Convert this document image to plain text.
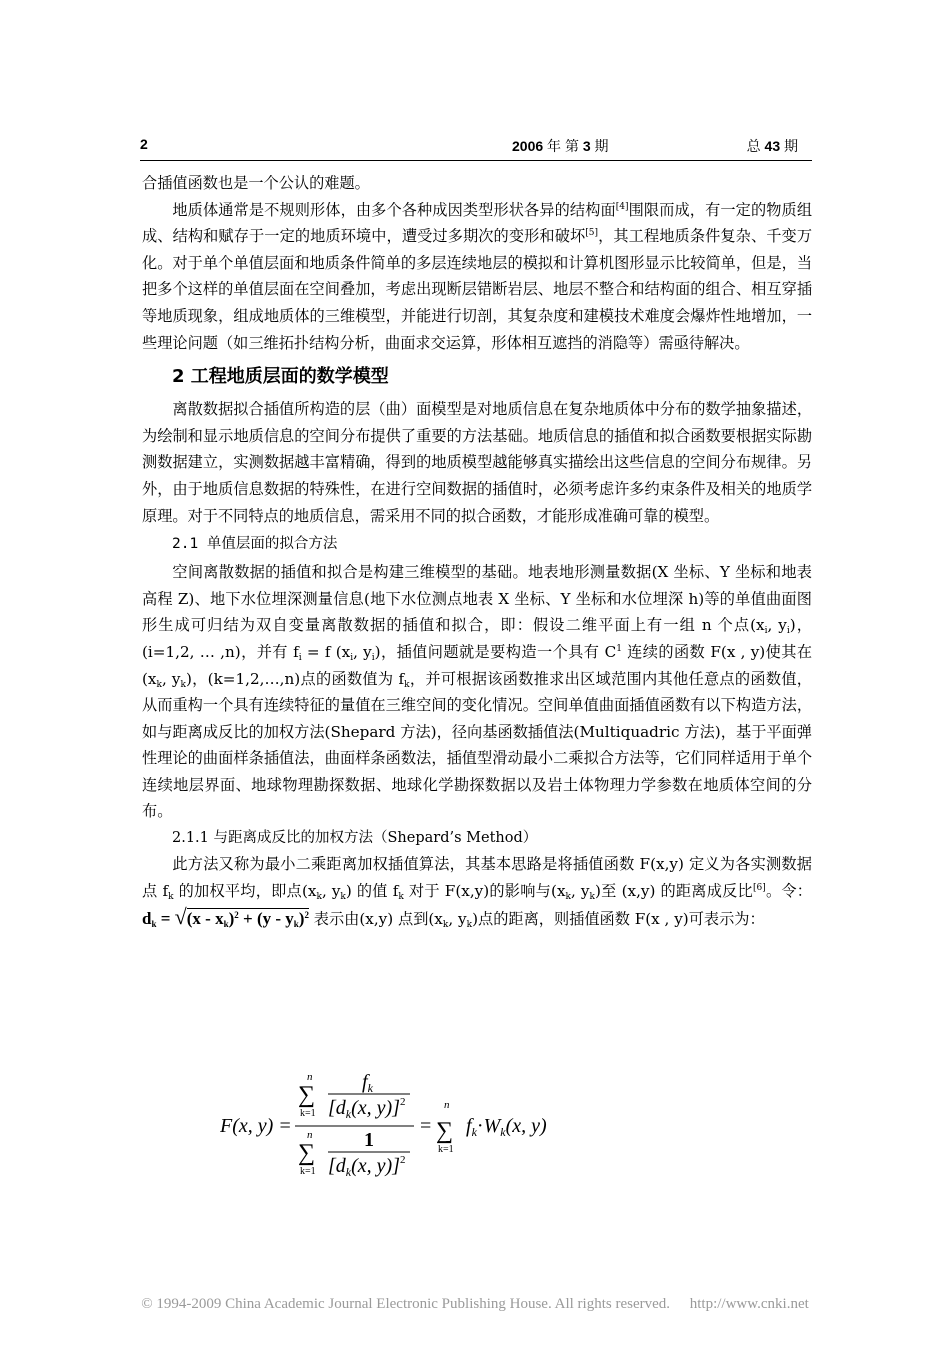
2	2006 年 第 3 期	总 43 期

合插值函数也是一个公认的难题。

地质体通常是不规则形体，由多个各种成因类型形状各异的结构面[4]围限而成，有一定的物质组成、结构和赋存于一定的地质环境中，遭受过多期次的变形和破坏[5]，其工程地质条件复杂、千变万化。对于单个单值层面和地质条件简单的多层连续地层的模拟和计算机图形显示比较简单，但是，当把多个这样的单值层面在空间叠加，考虑出现断层错断岩层、地层不整合和结构面的组合、相互穿插等地质现象，组成地质体的三维模型，并能进行切剖，其复杂度和建模技术难度会爆炸性地增加，一些理论问题（如三维拓扑结构分析，曲面求交运算，形体相互遮挡的消隐等）需亟待解决。

2 工程地质层面的数学模型

离散数据拟合插值所构造的层（曲）面模型是对地质信息在复杂地质体中分布的数学抽象描述，为绘制和显示地质信息的空间分布提供了重要的方法基础。地质信息的插值和拟合函数要根据实际勘测数据建立，实测数据越丰富精确，得到的地质模型越能够真实描绘出这些信息的空间分布规律。另外，由于地质信息数据的特殊性，在进行空间数据的插值时，必须考虑许多约束条件及相关的地质学原理。对于不同特点的地质信息，需采用不同的拟合函数，才能形成准确可靠的模型。

2.1 单值层面的拟合方法

空间离散数据的插值和拟合是构建三维模型的基础。地表地形测量数据(X 坐标、Y 坐标和地表高程 Z)、地下水位埋深测量信息(地下水位测点地表 X 坐标、Y 坐标和水位埋深 h)等的单值曲面图形生成可归结为双自变量离散数据的插值和拟合，即：假设二维平面上有一组 n 个点($x_i$, $y_i$)，(i=1,2, … ,n)，并有 $f_i = f$ ($x_i$, $y_i$)，插值问题就是要构造一个具有 $C^1$ 连续的函数 F(x , y)使其在($x_k$, $y_k$)，(k=1,2,…,n)点的函数值为 $f_k$，并可根据该函数推求出区域范围内其他任意点的函数值，从而重构一个具有连续特征的量值在三维空间的变化情况。空间单值曲面插值函数有以下构造方法，如与距离成反比的加权方法(Shepard 方法)，径向基函数插值法(Multiquadric 方法)，基于平面弹性理论的曲面样条插值法，曲面样条函数法，插值型滑动最小二乘拟合方法等，它们同样适用于单个连续地层界面、地球物理勘探数据、地球化学勘探数据以及岩土体物理力学参数在地质体空间的分布。

2.1.1 与距离成反比的加权方法（Shepard’s Method）

此方法又称为最小二乘距离加权插值算法，其基本思路是将插值函数 F(x,y) 定义为各实测数据点 $f_k$ 的加权平均，即点($x_k$, $y_k$) 的值 $f_k$ 对于 F(x,y)的影响与($x_k$, $y_k$)至 (x,y) 的距离成反比[6]。令：$d_k = √(x - x_k)^2 + (y - y_k)^2$ 表示由(x,y) 点到($x_k$, $y_k$)点的距离，则插值函数 F(x , y)可表示为：

F(x, y) =
n
∑
k=1
$f_k$
[$d_k(x$, y)]$^2$
n
∑
k=1
1
[$d_k(x$, y)]$^2$
=
n
∑
k=1
$f_k\cdot W_k(x$, y)
© 1994-2009 China Academic Journal Electronic Publishing House. All rights reserved. http://www.cnki.net
